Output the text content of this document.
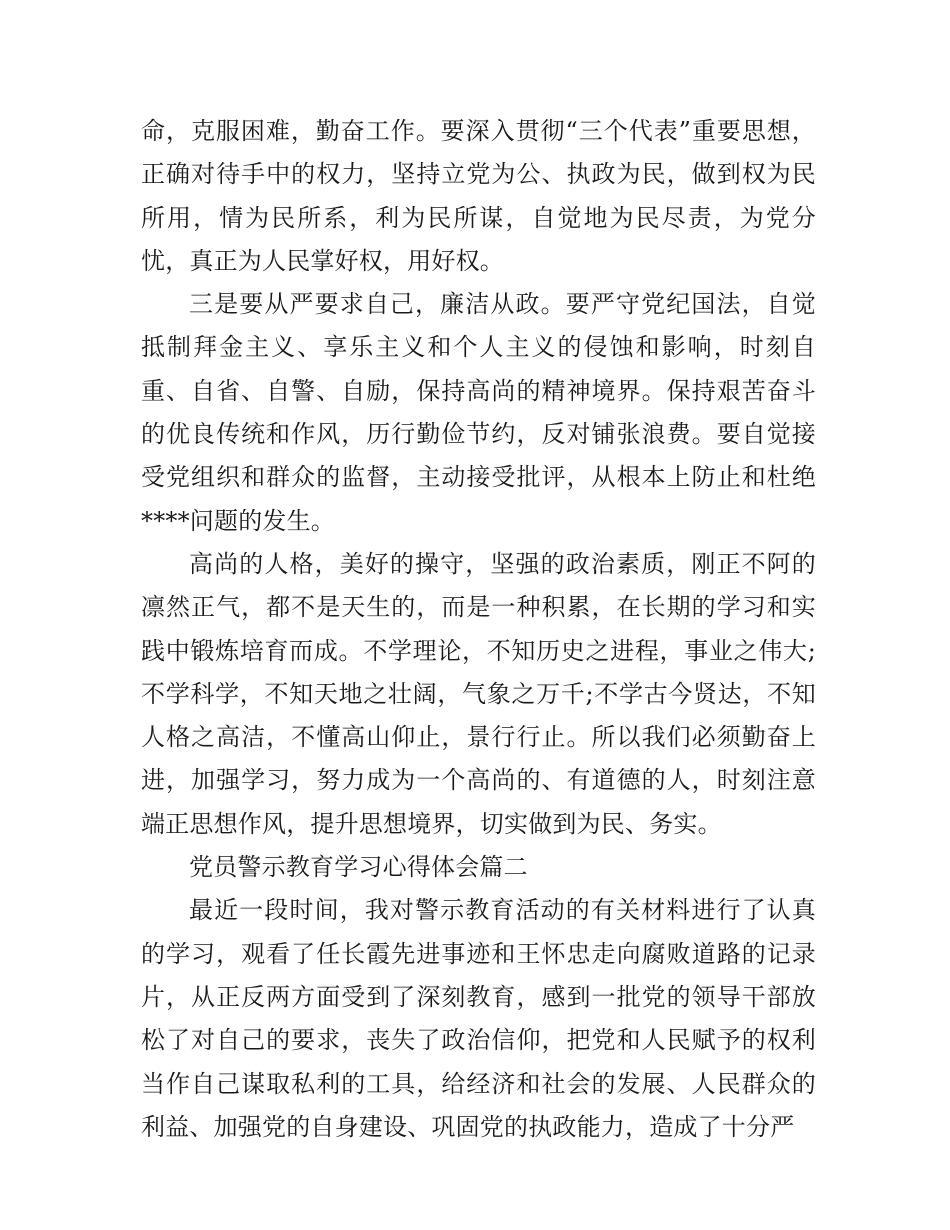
命，克服困难，勤奋工作。要深入贯彻“三个代表”重要思想，正确对待手中的权力，坚持立党为公、执政为民，做到权为民所用，情为民所系，利为民所谋，自觉地为民尽责，为党分忧，真正为人民掌好权，用好权。

三是要从严要求自己，廉洁从政。要严守党纪国法，自觉抵制拜金主义、享乐主义和个人主义的侵蚀和影响，时刻自重、自省、自警、自励，保持高尚的精神境界。保持艰苦奋斗的优良传统和作风，历行勤俭节约，反对铺张浪费。要自觉接受党组织和群众的监督，主动接受批评，从根本上防止和杜绝****问题的发生。

高尚的人格，美好的操守，坚强的政治素质，刚正不阿的凛然正气，都不是天生的，而是一种积累，在长期的学习和实践中锻炼培育而成。不学理论，不知历史之进程，事业之伟大;不学科学，不知天地之壮阔，气象之万千;不学古今贤达，不知人格之高洁，不懂高山仰止，景行行止。所以我们必须勤奋上进，加强学习，努力成为一个高尚的、有道德的人，时刻注意端正思想作风，提升思想境界，切实做到为民、务实。

党员警示教育学习心得体会篇二

最近一段时间，我对警示教育活动的有关材料进行了认真的学习，观看了任长霞先进事迹和王怀忠走向腐败道路的记录片，从正反两方面受到了深刻教育，感到一批党的领导干部放松了对自己的要求，丧失了政治信仰，把党和人民赋予的权利当作自己谋取私利的工具，给经济和社会的发展、人民群众的利益、加强党的自身建设、巩固党的执政能力，造成了十分严
